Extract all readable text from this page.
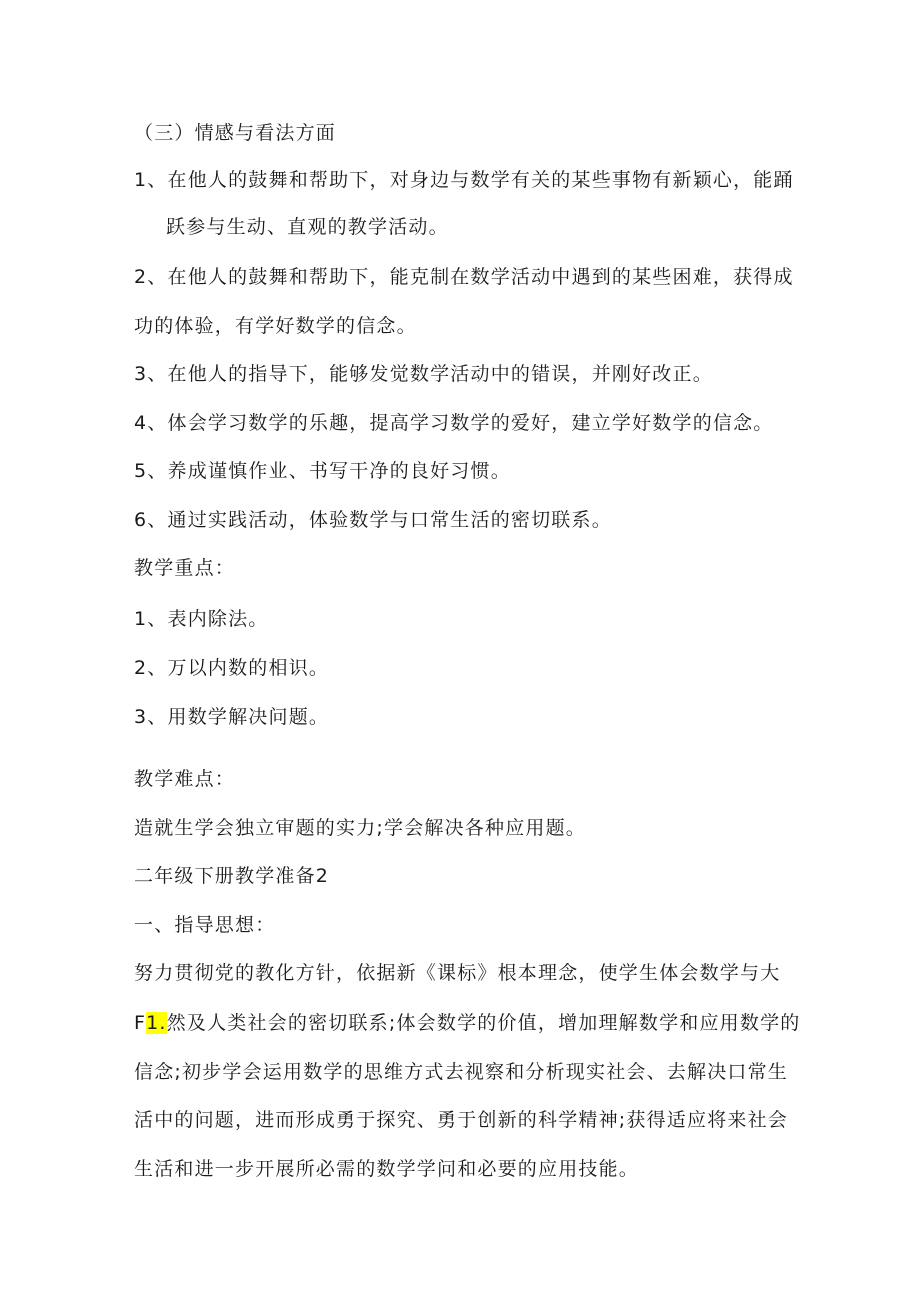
（三）情感与看法方面
1、在他人的鼓舞和帮助下，对身边与数学有关的某些事物有新颖心，能踊
跃参与生动、直观的教学活动。
2、在他人的鼓舞和帮助下，能克制在数学活动中遇到的某些困难，获得成
功的体验，有学好数学的信念。
3、在他人的指导下，能够发觉数学活动中的错误，并刚好改正。
4、体会学习数学的乐趣，提高学习数学的爱好，建立学好数学的信念。
5、养成谨慎作业、书写干净的良好习惯。
6、通过实践活动，体验数学与口常生活的密切联系。
教学重点：
1、表内除法。
2、万以内数的相识。
3、用数学解决问题。
教学难点：
造就生学会独立审题的实力;学会解决各种应用题。
二年级下册教学准备2
一、指导思想：
努力贯彻党的教化方针，依据新《课标》根本理念，使学生体会数学与大
F1.然及人类社会的密切联系;体会数学的价值，增加理解数学和应用数学的
信念;初步学会运用数学的思维方式去视察和分析现实社会、去解决口常生
活中的问题，进而形成勇于探究、勇于创新的科学精神;获得适应将来社会
生活和进一步开展所必需的数学学问和必要的应用技能。
